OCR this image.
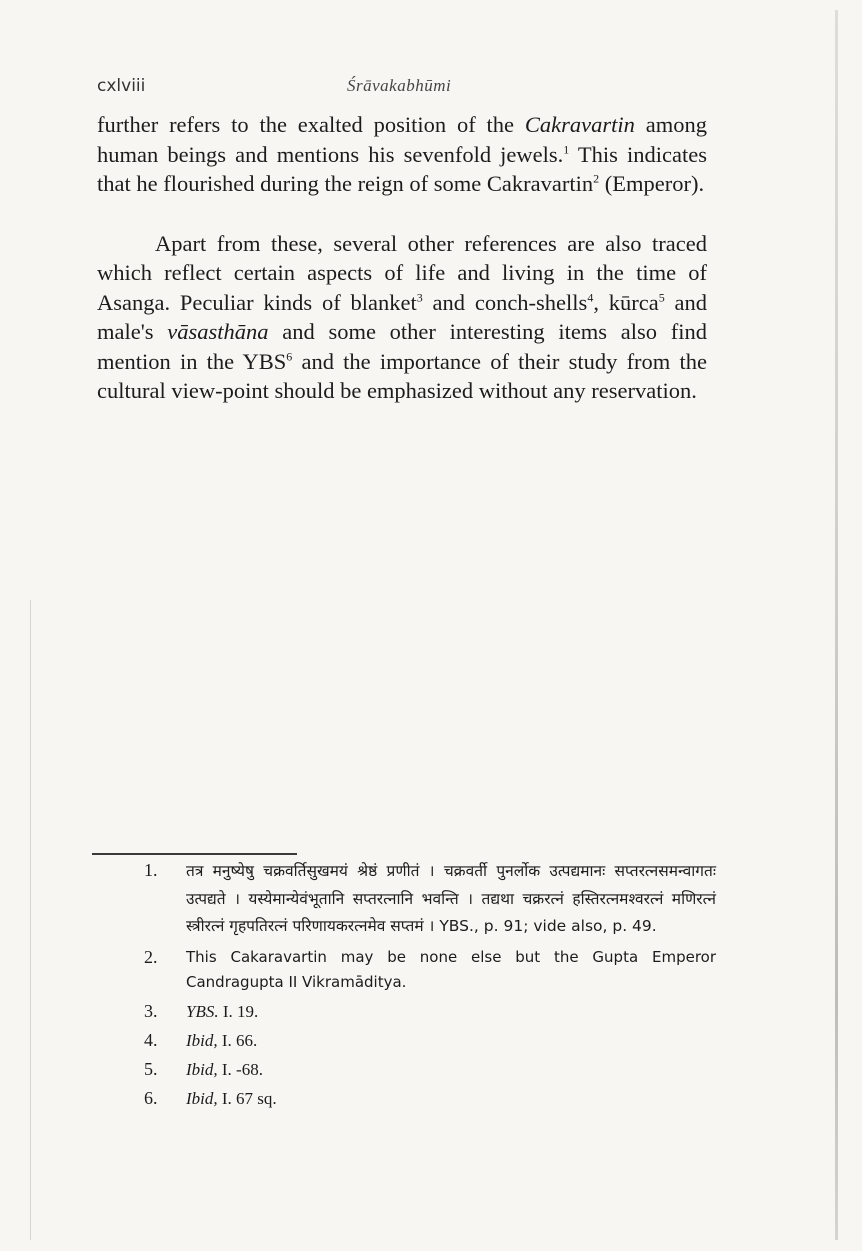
cxlviii	Śrāvakabhūmi

further refers to the exalted position of the Cakravartin among human beings and mentions his sevenfold jewels.$^1$ This indicates that he flourished during the reign of some Cakravartin$^2$ (Emperor).

Apart from these, several other references are also traced which reflect certain aspects of life and living in the time of Asanga. Peculiar kinds of blanket$^3$ and conch-shells$^4$, kūrca$^5$ and male's vāsasthāna and some other interesting items also find mention in the YBS$^6$ and the importance of their study from the cultural view-point should be emphasized without any reservation.

1.	तत्र मनुष्येषु चक्रवर्तिसुखमयं श्रेष्ठं प्रणीतं । चक्रवर्ती पुनर्लोक उत्पद्यमानः सप्तरत्नसमन्वागतः उत्पद्यते । यस्येमान्येवंभूतानि सप्तरत्नानि भवन्ति । तद्यथा चक्ररत्नं हस्तिरत्नमश्वरत्नं मणिरत्नं स्त्रीरत्नं गृहपतिरत्नं परिणायकरत्नमेव सप्तमं । YBS., p. 91; vide also, p. 49.
2.	This Cakaravartin may be none else but the Gupta Emperor Candragupta II Vikramāditya.
3.	YBS. I. 19.
4.	Ibid, I. 66.
5.	Ibid, I. -68.
6.	Ibid, I. 67 sq.
